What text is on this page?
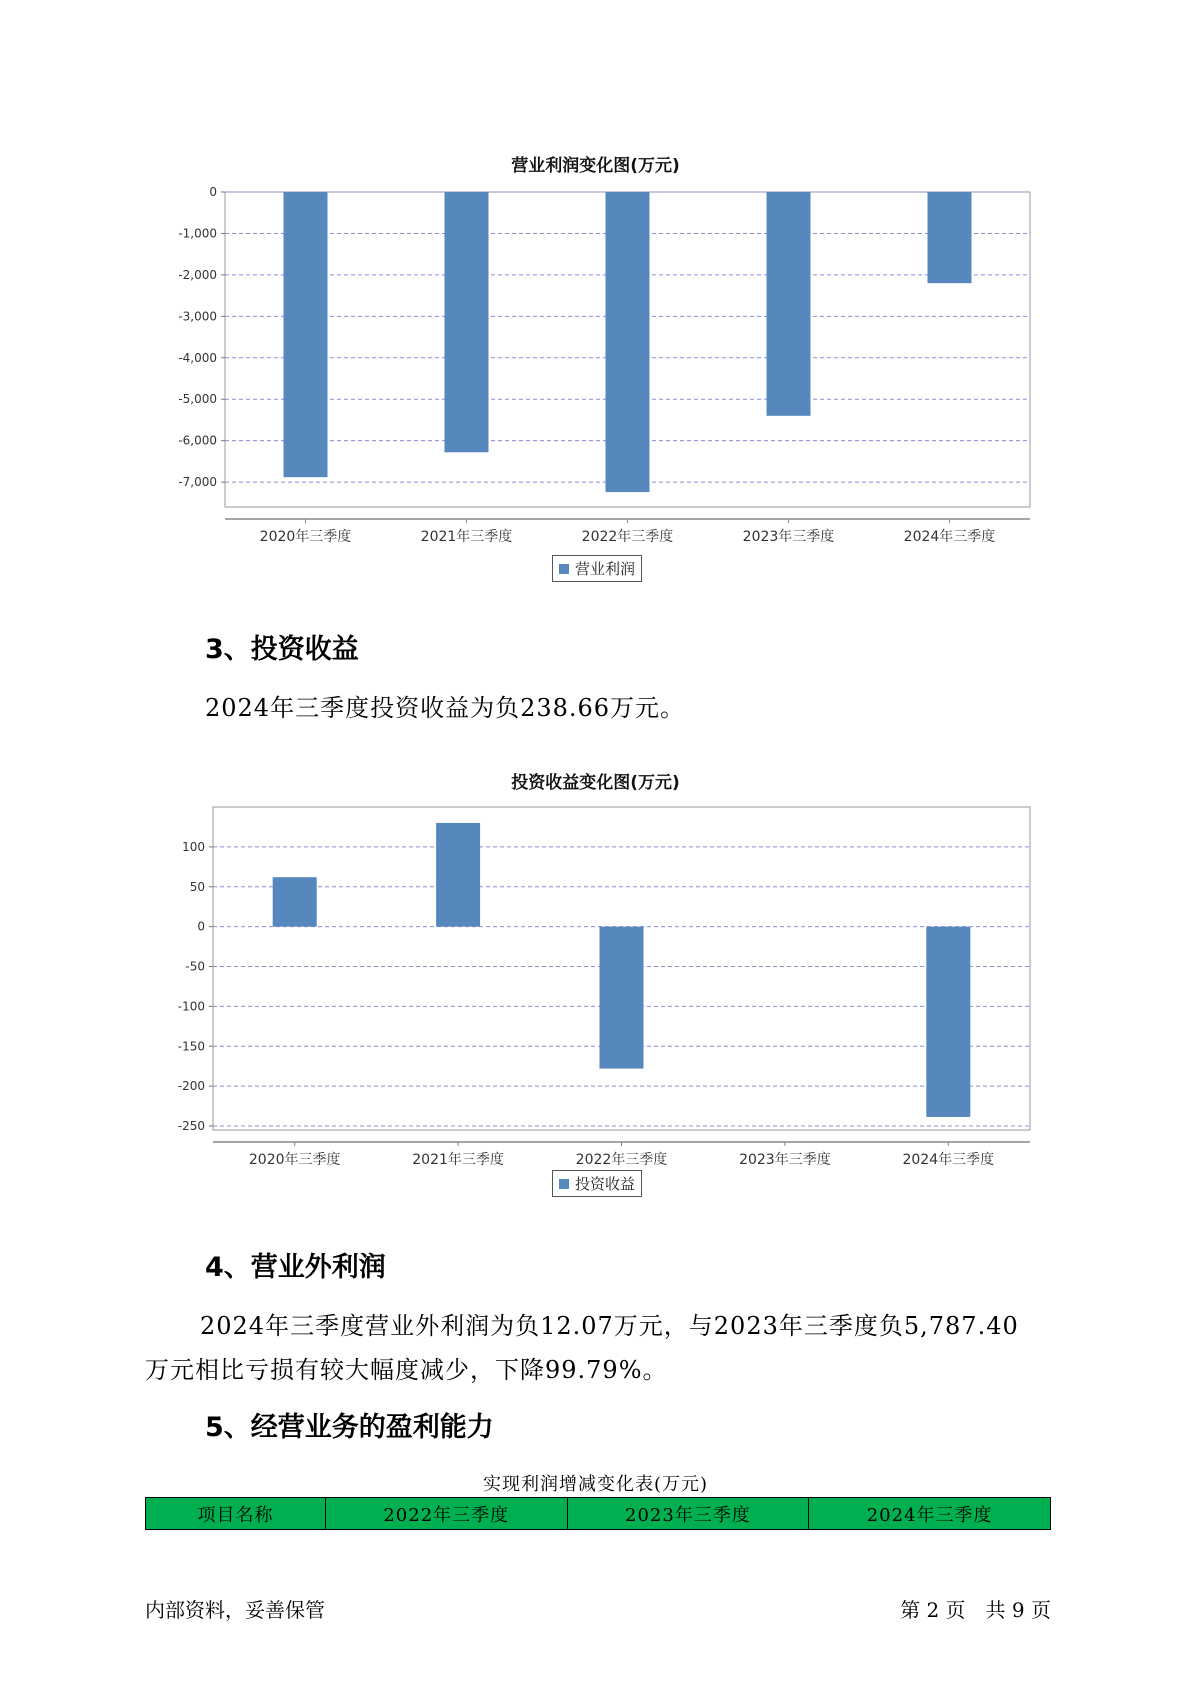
营业利润变化图(万元)
0
-1,000
-2,000
-3,000
-4,000
-5,000
-6,000
-7,000
2020年三季度	2021年三季度	2022年三季度	2023年三季度	2024年三季度
营业利润
3、投资收益
2024年三季度投资收益为负238.66万元。
投资收益变化图(万元)
100
50
0
-50
-100
-150
-200
-250
2020年三季度	2021年三季度	2022年三季度	2023年三季度	2024年三季度
投资收益
4、营业外利润
2024年三季度营业外利润为负12.07万元，与2023年三季度负5,787.40
万元相比亏损有较大幅度减少，下降99.79%。
5、经营业务的盈利能力
实现利润增减变化表(万元)
项目名称	2022年三季度	2023年三季度	2024年三季度
内部资料，妥善保管	第 2 页　共 9 页
